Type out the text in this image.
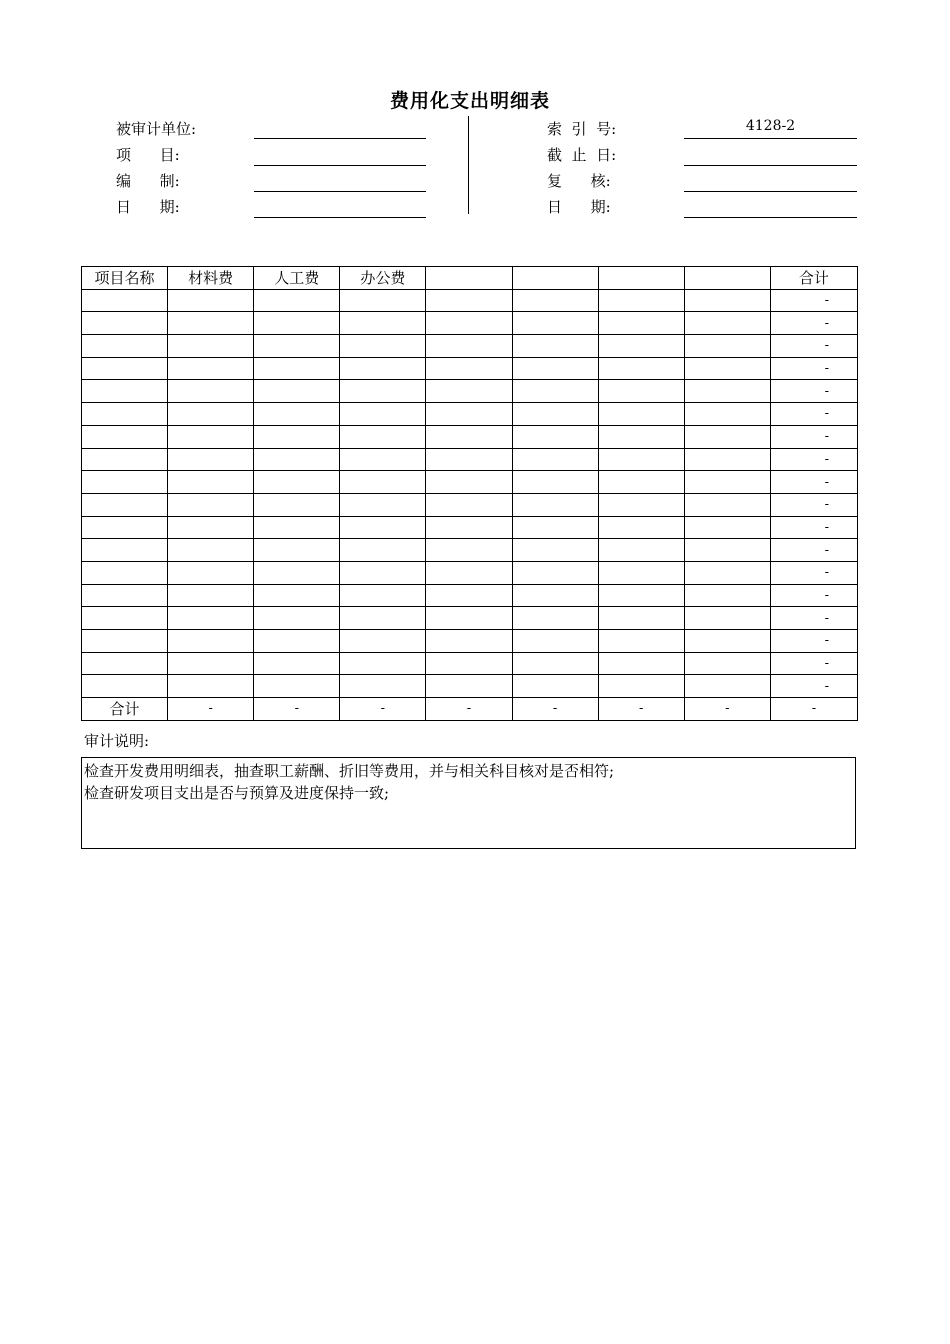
费用化支出明细表
被审计单位:
项      目:
编      制:
日      期:
索  引  号:	4128-2
截  止  日:
复      核:
日      期:
项目名称	材料费	人工费	办公费					合计
								-
								-
								-
								-
								-
								-
								-
								-
								-
								-
								-
								-
								-
								-
								-
								-
								-
								-
合计	-	-	-	-	-	-	-	-
审计说明:
检查开发费用明细表，抽查职工薪酬、折旧等费用，并与相关科目核对是否相符;
检查研发项目支出是否与预算及进度保持一致;
